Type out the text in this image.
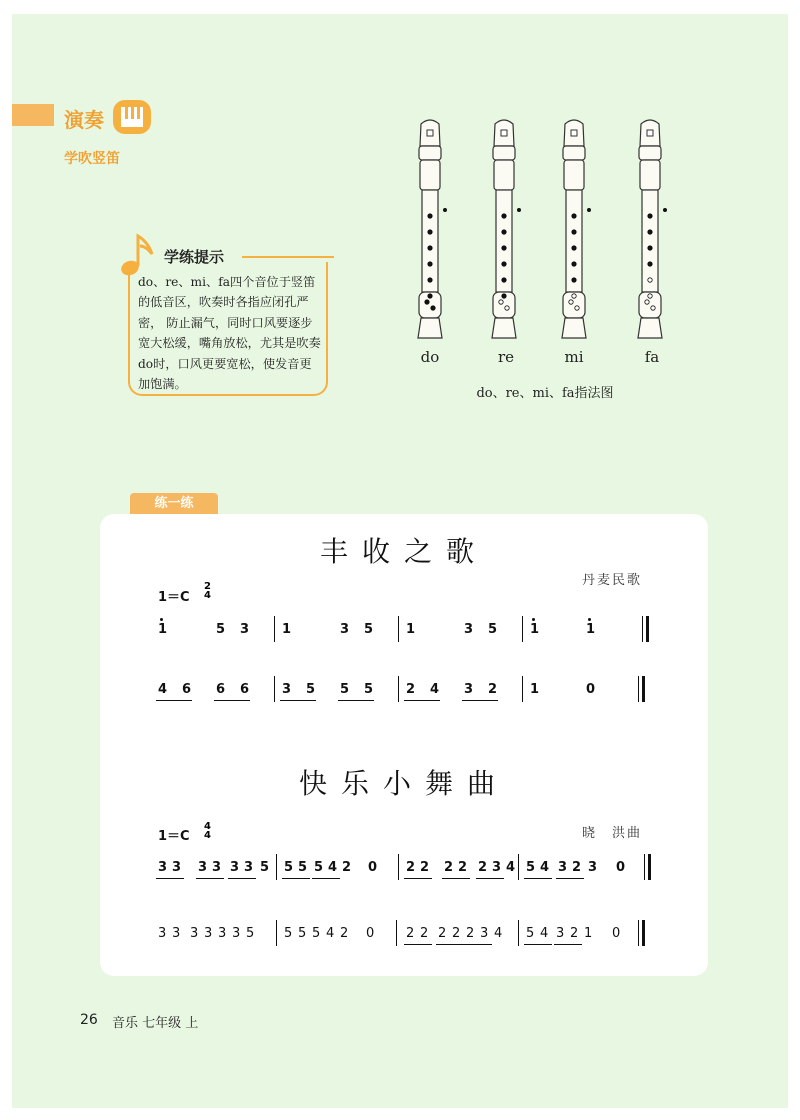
演奏
学吹竖笛
学练提示

do、re、mi、fa四个音位于竖笛的低音区，吹奏时各指应闭孔严密， 防止漏气，同时口风要逐步宽大松缓，嘴角放松，尤其是吹奏do时，口风更要宽松，使发音更加饱满。

do	re	mi	fa
do、re、mi、fa指法图
练一练
丰收之歌
丹麦民歌
1＝C
2
4
快乐小舞曲
晓　洪曲
1＝C
4
4
1	5 3	1	3 5	1	3 5	1	1
4 6 6 6	3 5 5 5	2 4 3 2	1	0
3 3 3 3 3 3 5 5 5 5 4 2 0 2 2 2 2 2 3 4 5 4 3 2 3 0
3 3 3 3 3 3 5 5 5 5 4 2 0 2 2 2 2 2 3 4 5 4 3 2 1 0
26 音乐 七年级 上
